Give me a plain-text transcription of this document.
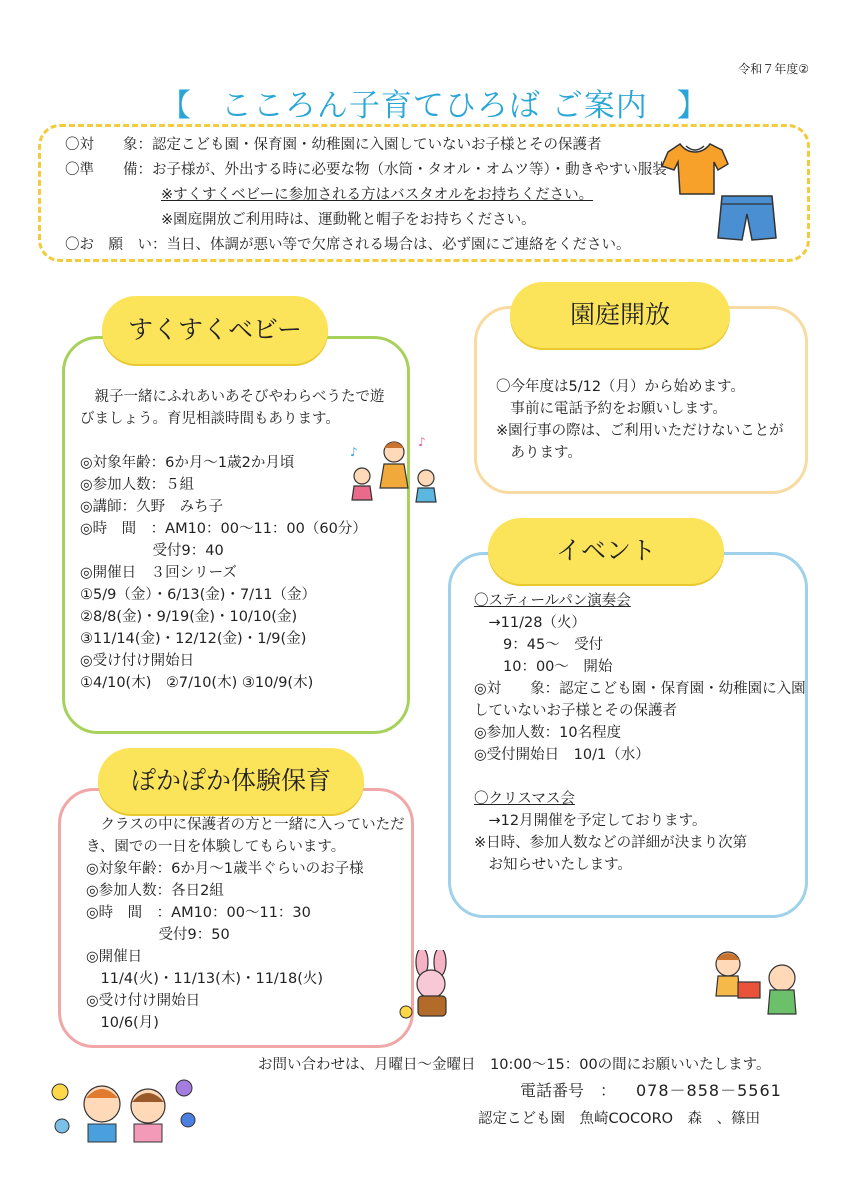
令和７年度②
【 こころん子育てひろば ご案内 】
〇対　　象：認定こども園・保育園・幼稚園に入園していないお子様とその保護者
〇準　　備：お子様が、外出する時に必要な物（水筒・タオル・オムツ等）・動きやすい服装
※すくすくベビーに参加される方はバスタオルをお持ちください。
※園庭開放ご利用時は、運動靴と帽子をお持ちください。
〇お　願　い：当日、体調が悪い等で欠席される場合は、必ず園にご連絡をください。
すくすくベビー
　親子一緒にふれあいあそびやわらべうたで遊
びましょう。育児相談時間もあります。
◎対象年齢：6か月～1歳2か月頃
◎参加人数：５組
◎講師：久野　みち子
◎時　間　：AM10：00～11：00（60分）
　　　　　受付9：40
◎開催日　３回シリーズ
①5/9（金）・6/13(金)・7/11（金）
②8/8(金)・9/19(金)・10/10(金)
③11/14(金)・12/12(金)・1/9(金)
◎受け付け開始日
①4/10(木)　②7/10(木) ③10/9(木)
♪
♪
園庭開放
〇今年度は5/12（月）から始めます。
　事前に電話予約をお願いします。
※園行事の際は、ご利用いただけないことが
　あります。
イベント
〇スティールパン演奏会
　→11/28（火）
　　9：45～　受付
　　10：00～　開始
◎対　　象：認定こども園・保育園・幼稚園に入園
していないお子様とその保護者
◎参加人数：10名程度
◎受付開始日　10/1（水）
〇クリスマス会
　→12月開催を予定しております。
※日時、参加人数などの詳細が決まり次第
　お知らせいたします。
ぽかぽか体験保育
　クラスの中に保護者の方と一緒に入っていただ
き、園での一日を体験してもらいます。
◎対象年齢：6か月～1歳半ぐらいのお子様
◎参加人数：各日2組
◎時　間　：AM10：00～11：30
　　　　　受付9：50
◎開催日
　11/4(火)・11/13(木)・11/18(火)
◎受け付け開始日
　10/6(月)
お問い合わせは、月曜日～金曜日　10:00～15：00の間にお願いいたします。
電話番号　： 078－858－5561
認定こども園　魚崎COCORO　森　、篠田
